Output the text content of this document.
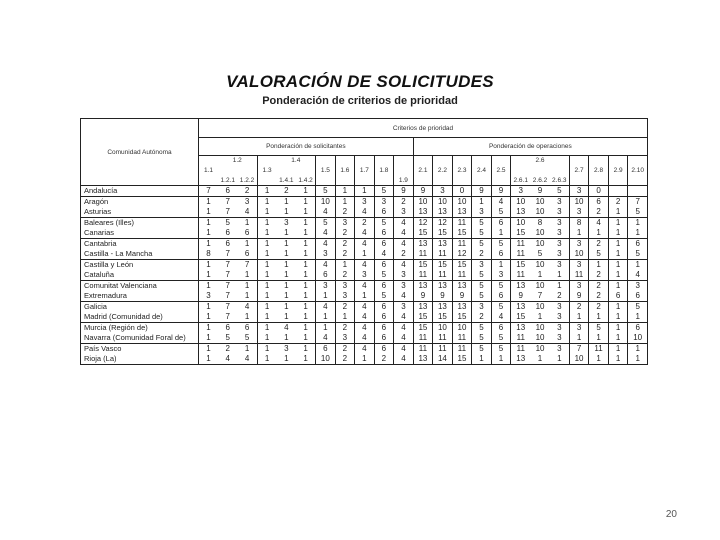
VALORACIÓN DE SOLICITUDES
Ponderación de criterios de prioridad
Comunidad Autónoma	Criterios de prioridad																						
	Ponderación de solicitantes											Ponderación de operaciones											
		1.2			1.4												2.6						
	1.1			1.3			1.5	1.6	1.7	1.8		2.1	2.2	2.3	2.4	2.5				2.7	2.8	2.9	2.10
		1.2.1	1.2.2		1.4.1	1.4.2					1.9						2.6.1	2.6.2	2.6.3				
Andalucía	7	6	2	1	2	1	5	1	1	5	9	9	3	0	9	9	3	9	5	3	0		
Aragón	1	7	3	1	1	1	10	1	3	3	2	10	10	10	1	4	10	10	3	10	6	2	7
Asturias	1	7	4	1	1	1	4	2	4	6	3	13	13	13	3	5	13	10	3	3	2	1	5
Baleares (Illes)	1	5	1	1	3	1	5	3	2	5	4	12	12	11	5	6	10	8	3	8	4	1	1
Canarias	1	6	6	1	1	1	4	2	4	6	4	15	15	15	5	1	15	10	3	1	1	1	1
Cantabria	1	6	1	1	1	1	4	2	4	6	4	13	13	11	5	5	11	10	3	3	2	1	6
Castilla - La Mancha	8	7	6	1	1	1	3	2	1	4	2	11	11	12	2	6	11	5	3	10	5	1	5
Castilla y León	1	7	7	1	1	1	4	1	4	6	4	15	15	15	3	1	15	10	3	3	1	1	1
Cataluña	1	7	1	1	1	1	6	2	3	5	3	11	11	11	5	3	11	1	1	11	2	1	4
Comunitat Valenciana	1	7	1	1	1	1	3	3	4	6	3	13	13	13	5	5	13	10	1	3	2	1	3
Extremadura	3	7	1	1	1	1	1	3	1	5	4	9	9	9	5	6	9	7	2	9	2	6	6
Galicia	1	7	4	1	1	1	4	2	4	6	3	13	13	13	3	5	13	10	3	2	2	1	5
Madrid (Comunidad de)	1	7	1	1	1	1	1	1	4	6	4	15	15	15	2	4	15	1	3	1	1	1	1
Murcia (Región de)	1	6	6	1	4	1	1	2	4	6	4	15	10	10	5	6	13	10	3	3	5	1	6
Navarra (Comunidad Foral de)	1	5	5	1	1	1	4	3	4	6	4	11	11	11	5	5	11	10	3	1	1	1	10
País Vasco	1	2	1	1	3	1	6	2	4	6	4	11	11	11	5	5	11	10	3	7	11	1	1
Rioja (La)	1	4	4	1	1	1	10	2	1	2	4	13	14	15	1	1	13	1	1	10	1	1	1
20
